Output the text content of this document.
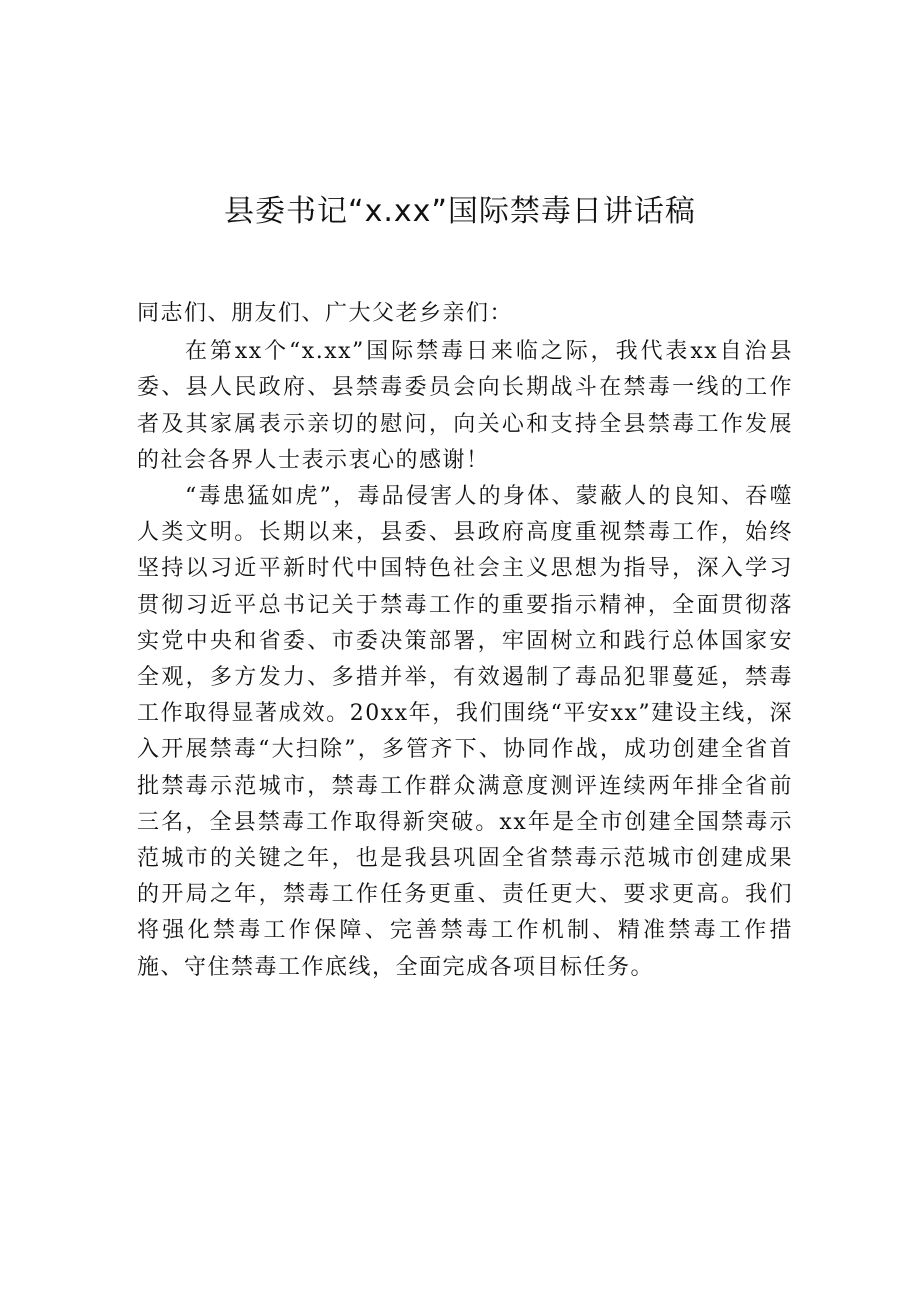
县委书记“x.xx”国际禁毒日讲话稿

同志们、朋友们、广大父老乡亲们：

在第xx个“x.xx”国际禁毒日来临之际，我代表xx自治县委、县人民政府、县禁毒委员会向长期战斗在禁毒一线的工作者及其家属表示亲切的慰问，向关心和支持全县禁毒工作发展的社会各界人士表示衷心的感谢！

“毒患猛如虎”，毒品侵害人的身体、蒙蔽人的良知、吞噬人类文明。长期以来，县委、县政府高度重视禁毒工作，始终坚持以习近平新时代中国特色社会主义思想为指导，深入学习贯彻习近平总书记关于禁毒工作的重要指示精神，全面贯彻落实党中央和省委、市委决策部署，牢固树立和践行总体国家安全观，多方发力、多措并举，有效遏制了毒品犯罪蔓延，禁毒工作取得显著成效。20xx年，我们围绕“平安xx”建设主线，深入开展禁毒“大扫除”，多管齐下、协同作战，成功创建全省首批禁毒示范城市，禁毒工作群众满意度测评连续两年排全省前三名，全县禁毒工作取得新突破。xx年是全市创建全国禁毒示范城市的关键之年，也是我县巩固全省禁毒示范城市创建成果的开局之年，禁毒工作任务更重、责任更大、要求更高。我们将强化禁毒工作保障、完善禁毒工作机制、精准禁毒工作措施、守住禁毒工作底线，全面完成各项目标任务。
